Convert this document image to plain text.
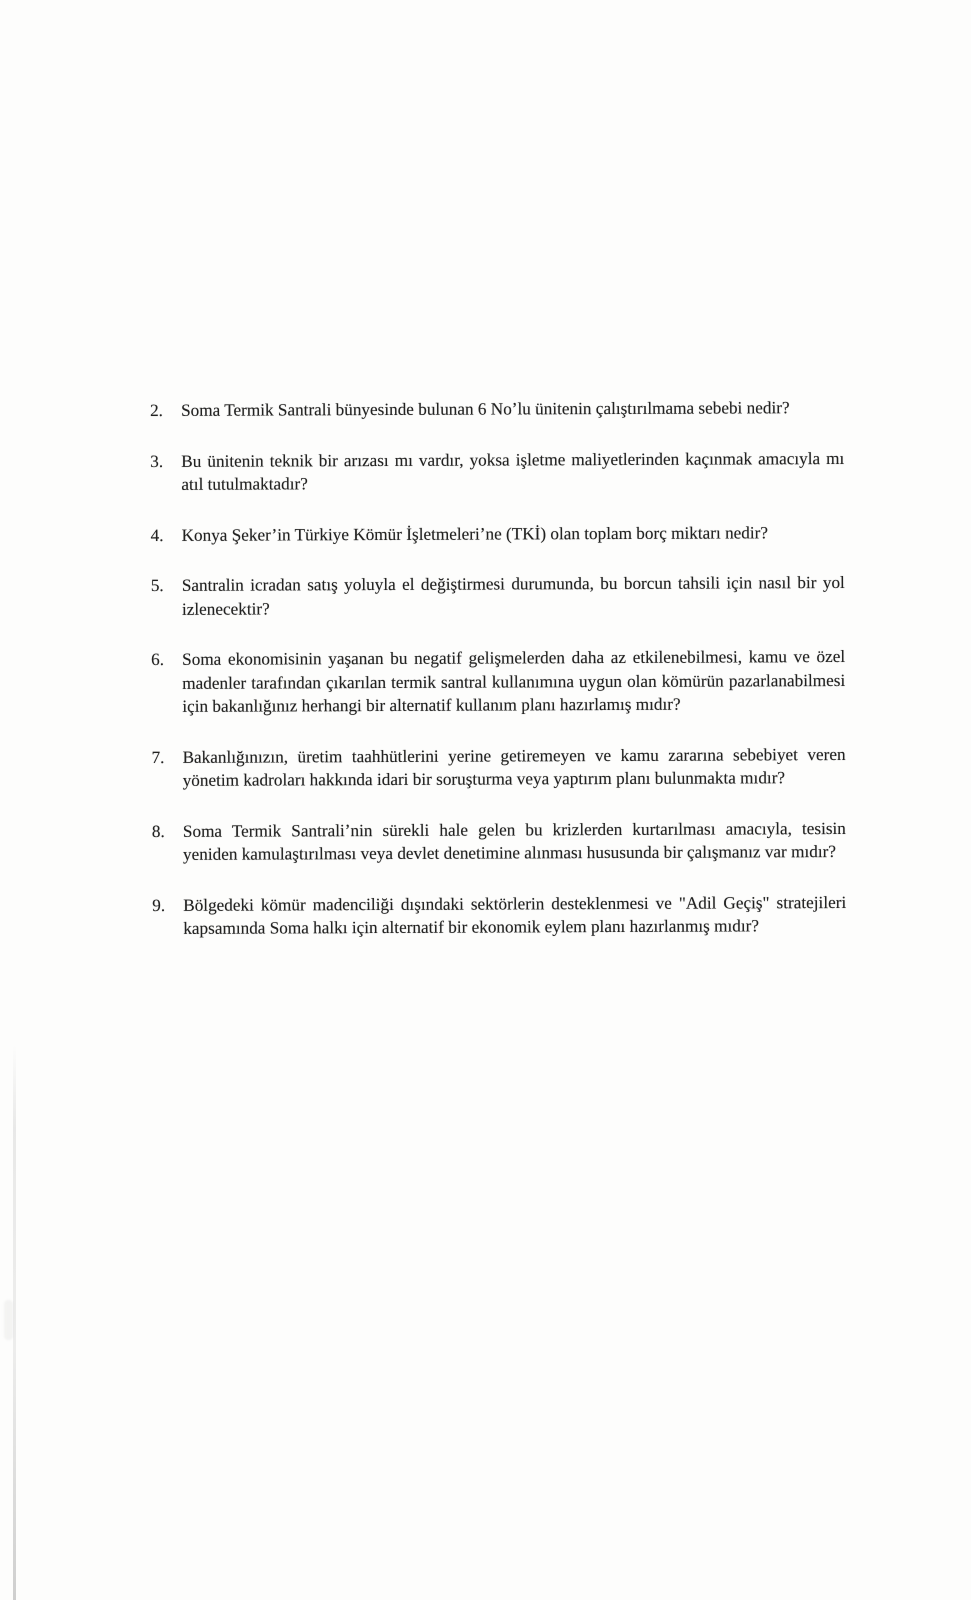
2.	Soma Termik Santrali bünyesinde bulunan 6 No’lu ünitenin çalıştırılmama sebebi nedir?
3.	Bu ünitenin teknik bir arızası mı vardır, yoksa işletme maliyetlerinden kaçınmak amacıyla mı atıl tutulmaktadır?
4.	Konya Şeker’in Türkiye Kömür İşletmeleri’ne (TKİ) olan toplam borç miktarı nedir?
5.	Santralin icradan satış yoluyla el değiştirmesi durumunda, bu borcun tahsili için nasıl bir yol izlenecektir?
6.	Soma ekonomisinin yaşanan bu negatif gelişmelerden daha az etkilenebilmesi, kamu ve özel madenler tarafından çıkarılan termik santral kullanımına uygun olan kömürün pazarlanabilmesi için bakanlığınız herhangi bir alternatif kullanım planı hazırlamış mıdır?
7.	Bakanlığınızın, üretim taahhütlerini yerine getiremeyen ve kamu zararına sebebiyet veren yönetim kadroları hakkında idari bir soruşturma veya yaptırım planı bulunmakta mıdır?
8.	Soma Termik Santrali’nin sürekli hale gelen bu krizlerden kurtarılması amacıyla, tesisin yeniden kamulaştırılması veya devlet denetimine alınması hususunda bir çalışmanız var mıdır?
9.	Bölgedeki kömür madenciliği dışındaki sektörlerin desteklenmesi ve "Adil Geçiş" stratejileri kapsamında Soma halkı için alternatif bir ekonomik eylem planı hazırlanmış mıdır?
